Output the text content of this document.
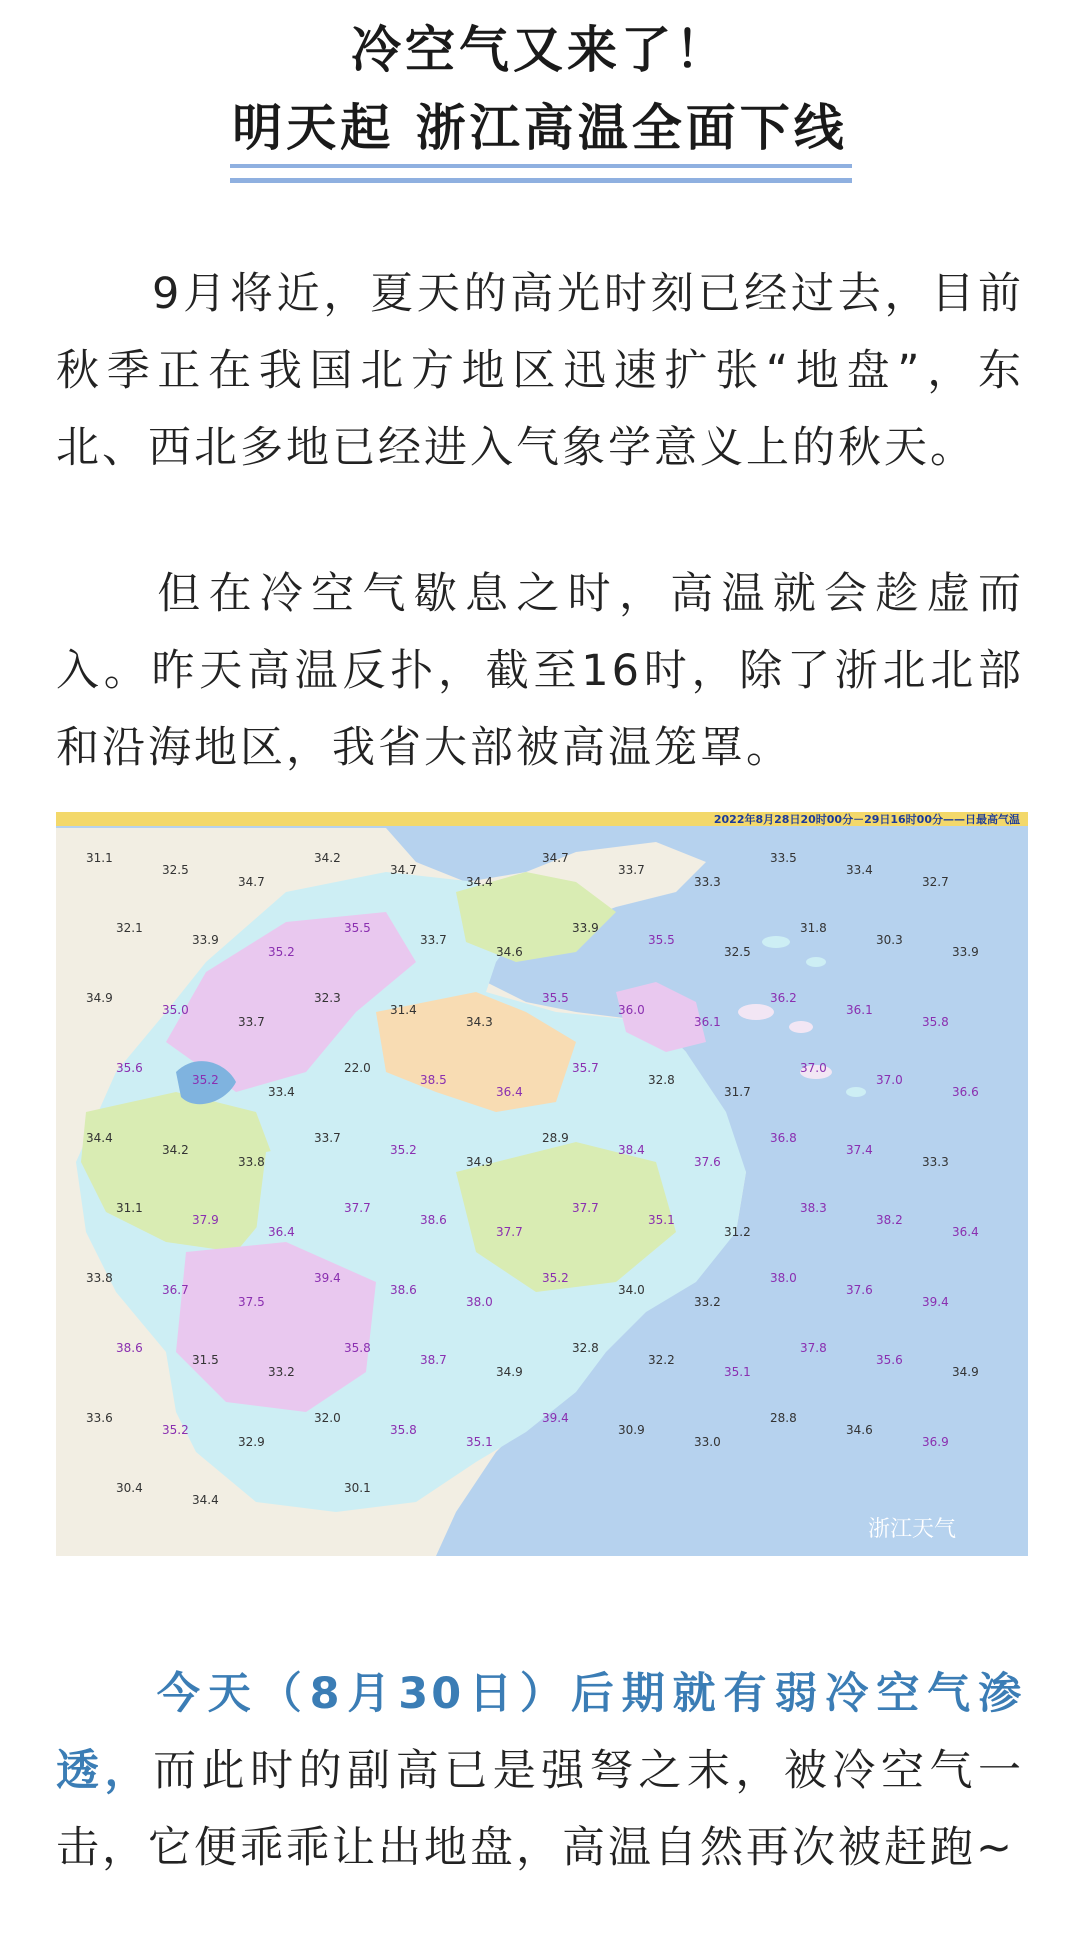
冷空气又来了！
明天起 浙江高温全面下线

9月将近，夏天的高光时刻已经过去，目前秋季正在我国北方地区迅速扩张“地盘”，东北、西北多地已经进入气象学意义上的秋天。

但在冷空气歇息之时，高温就会趁虚而入。昨天高温反扑，截至16时，除了浙北北部和沿海地区，我省大部被高温笼罩。

2022年8月28日20时00分－29日16时00分——日最高气温
31.1
32.5
34.7
34.2
34.7
34.4
34.7
33.7
33.3
33.5
33.4
32.7
32.1
33.9
35.2
35.5
33.7
34.6
33.9
35.5
32.5
31.8
30.3
33.9
34.9
35.0
33.7
32.3
31.4
34.3
35.5
36.0
36.1
36.2
36.1
35.8
35.6
35.2
33.4
22.0
38.5
36.4
35.7
32.8
31.7
37.0
37.0
36.6
34.4
34.2
33.8
33.7
35.2
34.9
28.9
38.4
37.6
36.8
37.4
33.3
31.1
37.9
36.4
37.7
38.6
37.7
37.7
35.1
31.2
38.3
38.2
36.4
33.8
36.7
37.5
39.4
38.6
38.0
35.2
34.0
33.2
38.0
37.6
39.4
38.6
31.5
33.2
35.8
38.7
34.9
32.8
32.2
35.1
37.8
35.6
34.9
33.6
35.2
32.9
32.0
35.8
35.1
39.4
30.9
33.0
28.8
34.6
36.9
30.4
34.4
30.1
浙江天气

今天（8月30日）后期就有弱冷空气渗透，而此时的副高已是强弩之末，被冷空气一击，它便乖乖让出地盘，高温自然再次被赶跑~
